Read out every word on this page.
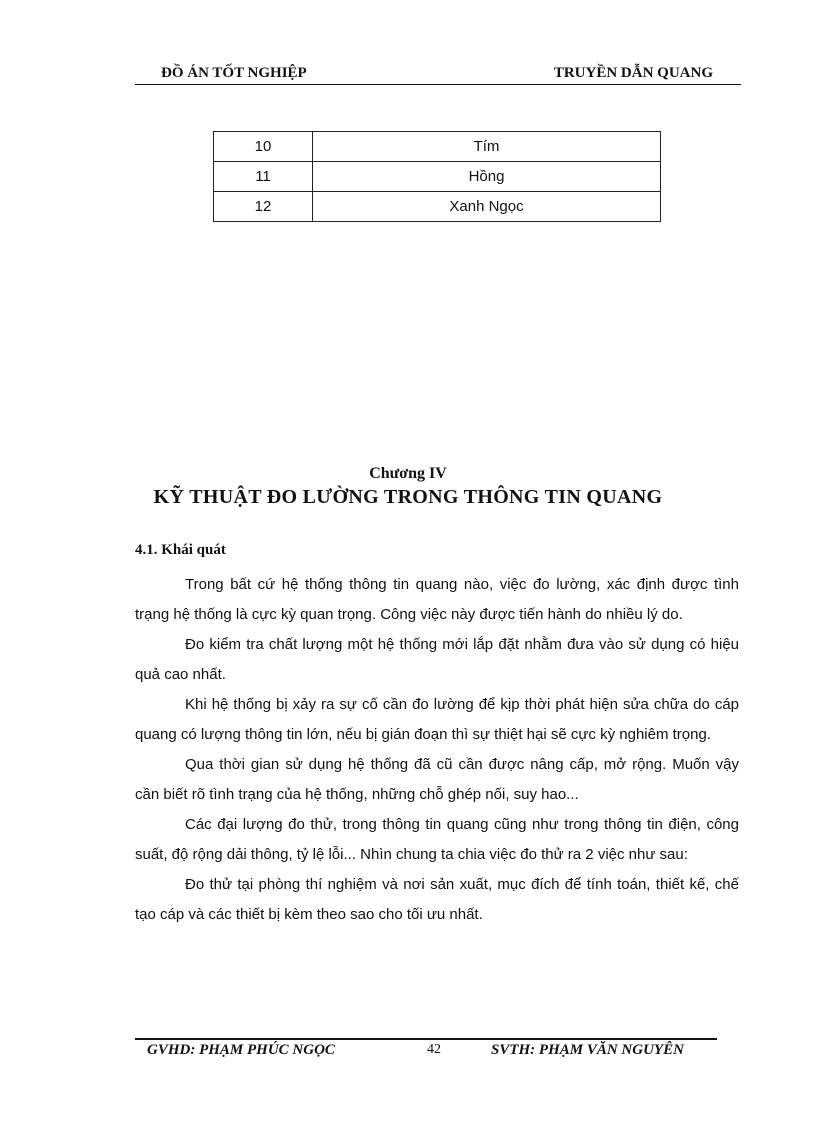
ĐỒ ÁN TỐT NGHIỆP	TRUYỀN DẪN QUANG
10	Tím
11	Hồng
12	Xanh Ngọc
Chương IV
KỸ THUẬT ĐO LƯỜNG TRONG THÔNG TIN QUANG
4.1. Khái quát

Trong bất cứ hệ thống thông tin quang nào, việc đo lường, xác định được tình trạng hệ thống là cực kỳ quan trọng. Công việc này được tiến hành do nhiều lý do.

Đo kiểm tra chất lượng một hệ thống mới lắp đặt nhằm đưa vào sử dụng có hiệu quả cao nhất.

Khi hệ thống bị xảy ra sự cố cần đo lường để kịp thời phát hiện sửa chữa do cáp quang có lượng thông tin lớn, nếu bị gián đoạn thì sự thiệt hại sẽ cực kỳ nghiêm trọng.

Qua thời gian sử dụng hệ thống đã cũ cần được nâng cấp, mở rộng. Muốn vậy cần biết rõ tình trạng của hệ thống, những chỗ ghép nối, suy hao...

Các đại lượng đo thử, trong thông tin quang cũng như trong thông tin điện, công suất, độ rộng dải thông, tỷ lệ lỗi... Nhìn chung ta chia việc đo thử ra 2 việc như sau:

Đo thử tại phòng thí nghiệm và nơi sản xuất, mục đích để tính toán, thiết kế, chế tạo cáp và các thiết bị kèm theo sao cho tối ưu nhất.

GVHD: PHẠM PHÚC NGỌC	42	SVTH: PHẠM VĂN NGUYÊN
